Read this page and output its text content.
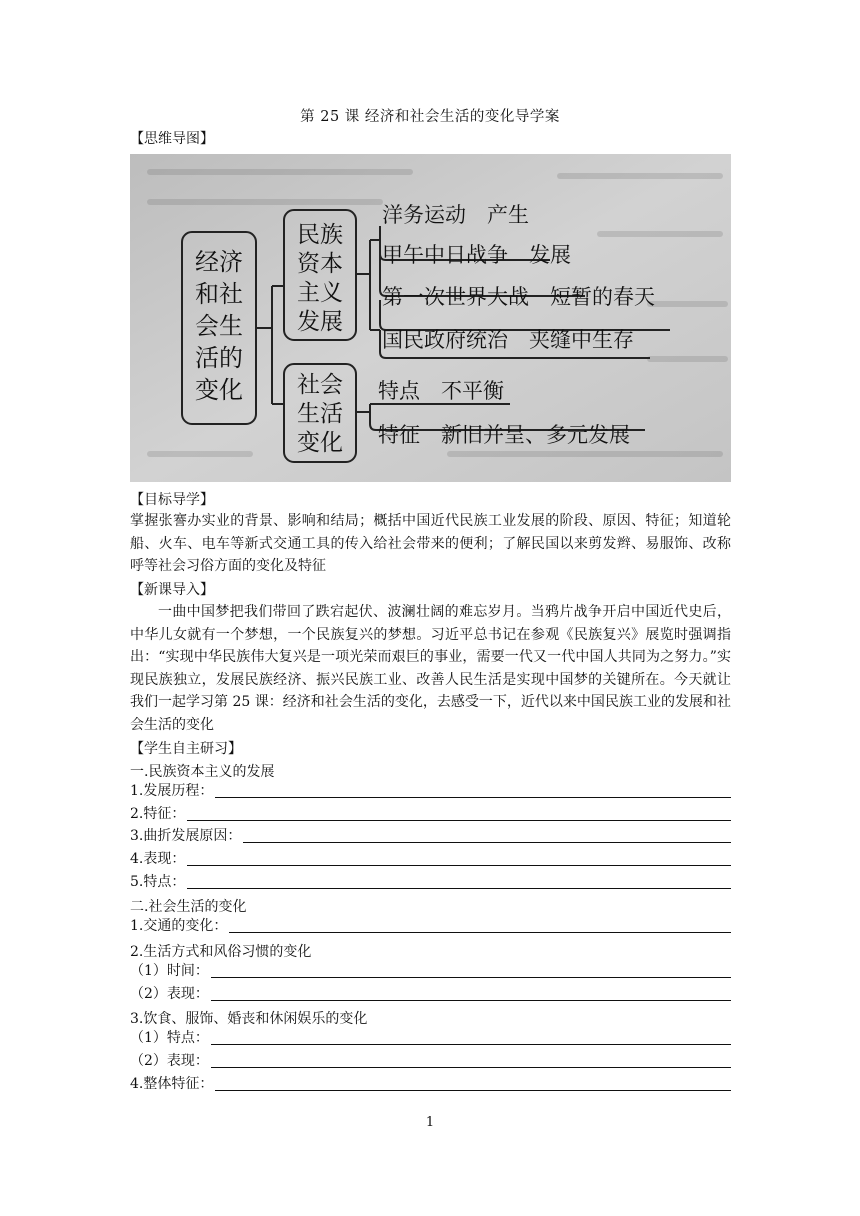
第 25 课 经济和社会生活的变化导学案
【思维导图】
经济
和社
会生
活的
变化
民族
资本
主义
发展
社会
生活
变化
洋务运动　产生
甲午中日战争　发展
第一次世界大战　短暂的春天
国民政府统治　夹缝中生存
特点　不平衡
特征　新旧并呈、多元发展
【目标导学】
掌握张謇办实业的背景、影响和结局；概括中国近代民族工业发展的阶段、原因、特征；知道轮船、火车、电车等新式交通工具的传入给社会带来的便利；了解民国以来剪发辫、易服饰、改称呼等社会习俗方面的变化及特征
【新课导入】
一曲中国梦把我们带回了跌宕起伏、波澜壮阔的难忘岁月。当鸦片战争开启中国近代史后，中华儿女就有一个梦想，一个民族复兴的梦想。习近平总书记在参观《民族复兴》展览时强调指出：“实现中华民族伟大复兴是一项光荣而艰巨的事业，需要一代又一代中国人共同为之努力。”实现民族独立，发展民族经济、振兴民族工业、改善人民生活是实现中国梦的关键所在。今天就让我们一起学习第 25 课：经济和社会生活的变化，去感受一下，近代以来中国民族工业的发展和社会生活的变化
【学生自主研习】
一.民族资本主义的发展
1.发展历程：
2.特征：
3.曲折发展原因：
4.表现：
5.特点：
二.社会生活的变化
1.交通的变化：
2.生活方式和风俗习惯的变化
（1）时间：
（2）表现：
3.饮食、服饰、婚丧和休闲娱乐的变化
（1）特点：
（2）表现：
4.整体特征：
1
